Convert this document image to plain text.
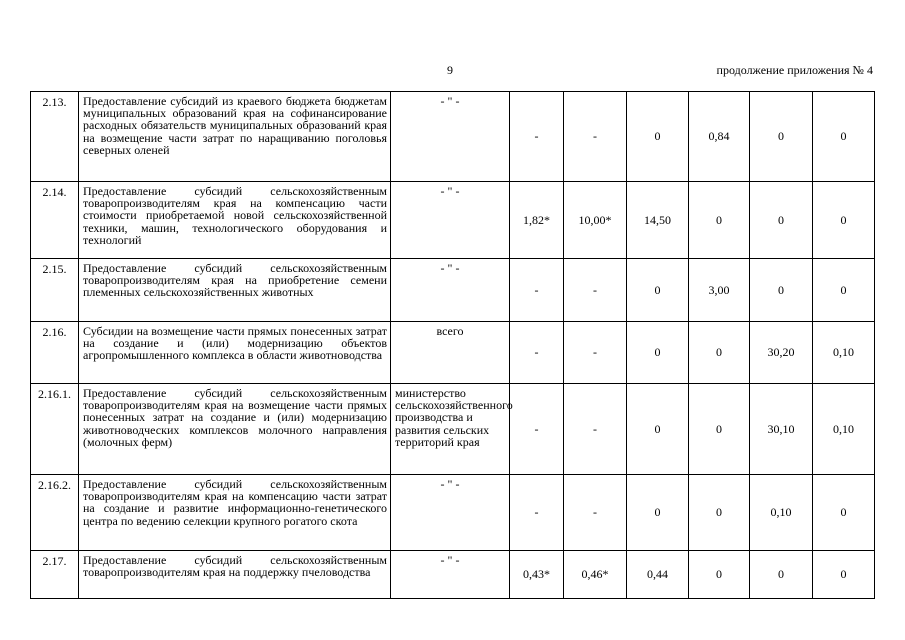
9	продолжение приложения № 4
2.13.	Предоставление субсидий из краевого бюджета бюджетам муниципальных образований края на софинансирование расходных обязательств муниципальных образований края на возмещение части затрат по наращиванию поголовья северных оленей	- " -	-	-	0	0,84	0	0
2.14.	Предоставление субсидий сельскохозяйственным товаропроизводителям края на компенсацию части стоимости приобретаемой новой сельскохозяйственной техники, машин, технологического оборудования и технологий	- " -	1,82*	10,00*	14,50	0	0	0
2.15.	Предоставление субсидий сельскохозяйственным товаропроизводителям края на приобретение семени племенных сельскохозяйственных животных	- " -	-	-	0	3,00	0	0
2.16.	Субсидии на возмещение части прямых понесенных затрат на создание и (или) модернизацию объектов агропромышленного комплекса в области животноводства	всего	-	-	0	0	30,20	0,10
2.16.1.	Предоставление субсидий сельскохозяйственным товаропроизводителям края на возмещение части прямых понесенных затрат на создание и (или) модернизацию животноводческих комплексов молочного направления (молочных ферм)	министерство сельскохозяйственного производства и развития сельских территорий края	-	-	0	0	30,10	0,10
2.16.2.	Предоставление субсидий сельскохозяйственным товаропроизводителям края на компенсацию части затрат на создание и развитие информационно-генетического центра по ведению селекции крупного рогатого скота	- " -	-	-	0	0	0,10	0
2.17.	Предоставление субсидий сельскохозяйственным товаропроизводителям края на поддержку пчеловодства	- " -	0,43*	0,46*	0,44	0	0	0
